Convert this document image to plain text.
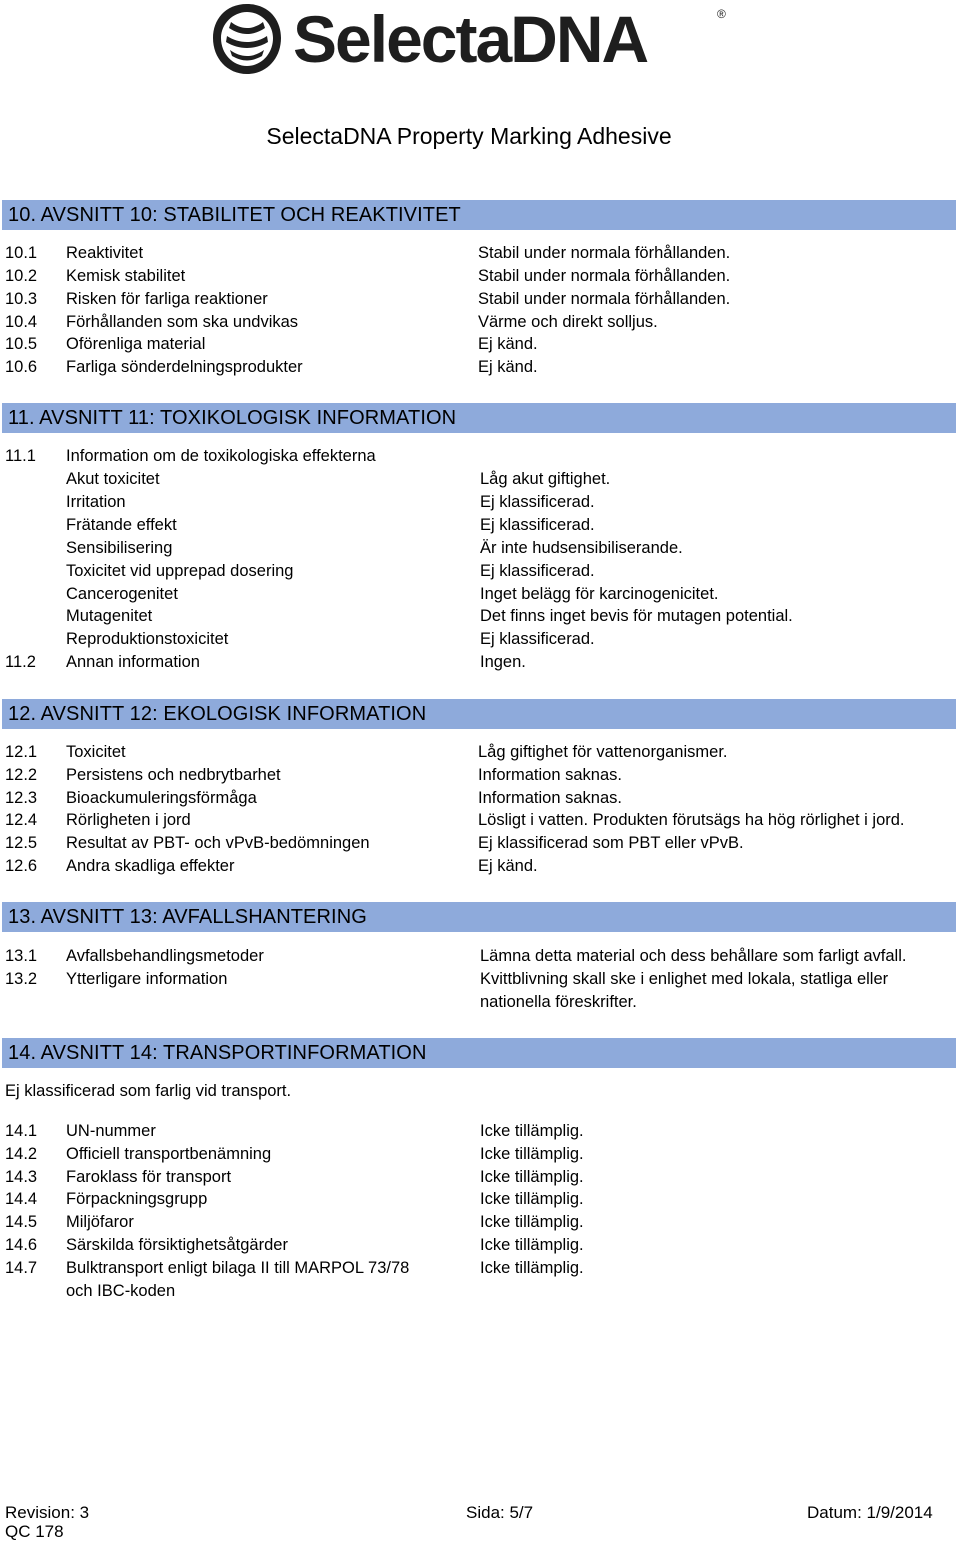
SelectaDNA	®
SelectaDNA Property Marking Adhesive
10. AVSNITT 10: STABILITET OCH REAKTIVITET
10.1 Reaktivitet	Stabil under normala förhållanden.
10.2 Kemisk stabilitet	Stabil under normala förhållanden.
10.3 Risken för farliga reaktioner	Stabil under normala förhållanden.
10.4 Förhållanden som ska undvikas	Värme och direkt solljus.
10.5 Oförenliga material	Ej känd.
10.6 Farliga sönderdelningsprodukter	Ej känd.
11. AVSNITT 11: TOXIKOLOGISK INFORMATION
11.1 Information om de toxikologiska effekterna
Akut toxicitet	Låg akut giftighet.
Irritation	Ej klassificerad.
Frätande effekt	Ej klassificerad.
Sensibilisering	Är inte hudsensibiliserande.
Toxicitet vid upprepad dosering	Ej klassificerad.
Cancerogenitet	Inget belägg för karcinogenicitet.
Mutagenitet	Det finns inget bevis för mutagen potential.
Reproduktionstoxicitet	Ej klassificerad.
11.2 Annan information	Ingen.
12. AVSNITT 12: EKOLOGISK INFORMATION
12.1 Toxicitet	Låg giftighet för vattenorganismer.
12.2 Persistens och nedbrytbarhet	Information saknas.
12.3 Bioackumuleringsförmåga	Information saknas.
12.4 Rörligheten i jord	Lösligt i vatten. Produkten förutsägs ha hög rörlighet i jord.
12.5 Resultat av PBT- och vPvB-bedömningen	Ej klassificerad som PBT eller vPvB.
12.6 Andra skadliga effekter	Ej känd.
13. AVSNITT 13: AVFALLSHANTERING
13.1 Avfallsbehandlingsmetoder	Lämna detta material och dess behållare som farligt avfall.
13.2 Ytterligare information	Kvittblivning skall ske i enlighet med lokala, statliga eller
nationella föreskrifter.
14. AVSNITT 14: TRANSPORTINFORMATION
Ej klassificerad som farlig vid transport.
14.1 UN-nummer	Icke tillämplig.
14.2 Officiell transportbenämning	Icke tillämplig.
14.3 Faroklass för transport	Icke tillämplig.
14.4 Förpackningsgrupp	Icke tillämplig.
14.5 Miljöfaror	Icke tillämplig.
14.6 Särskilda försiktighetsåtgärder	Icke tillämplig.
14.7 Bulktransport enligt bilaga II till MARPOL 73/78
och IBC-koden
Icke tillämplig.
Revision: 3
QC 178
Sida: 5/7	Datum: 1/9/2014
